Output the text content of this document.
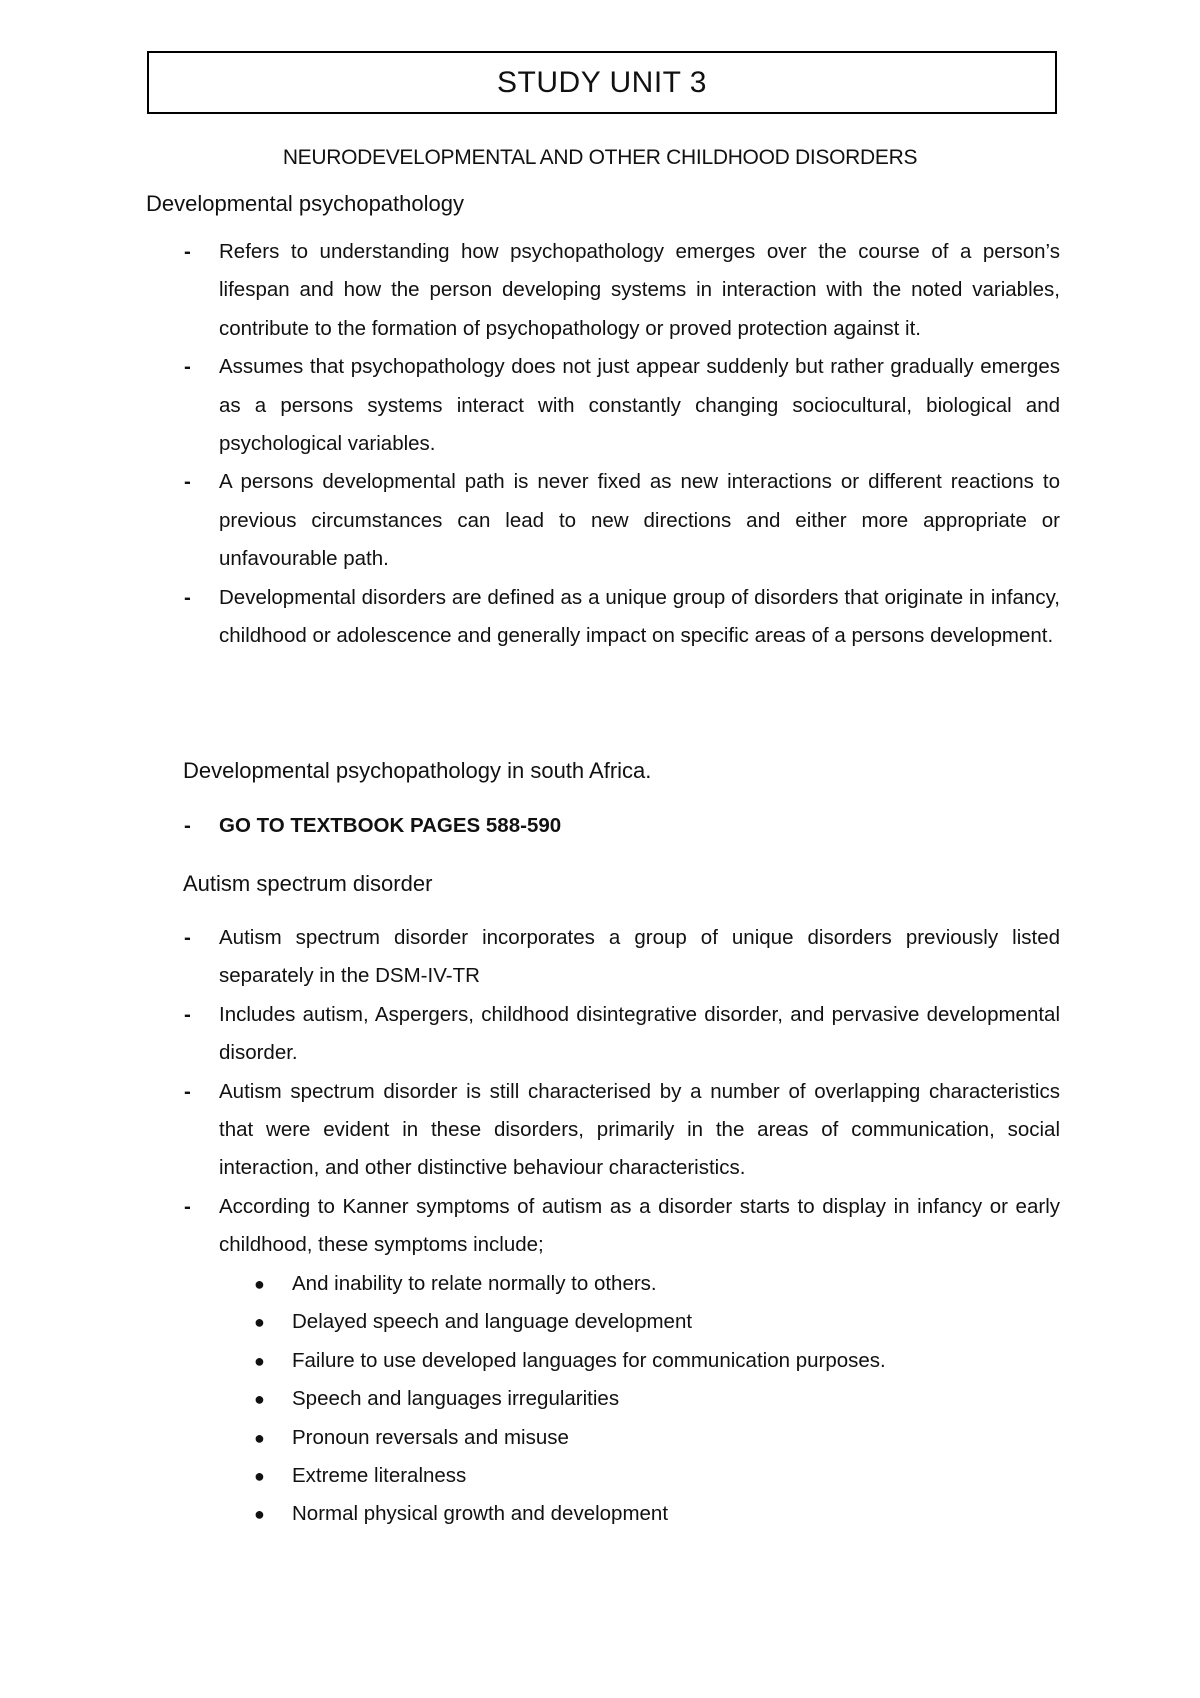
STUDY UNIT 3
NEURODEVELOPMENTAL AND OTHER CHILDHOOD DISORDERS
Developmental psychopathology
- Refers to understanding how psychopathology emerges over the course of a person’s lifespan and how the person developing systems in interaction with the noted variables, contribute to the formation of psychopathology or proved protection against it.
- Assumes that psychopathology does not just appear suddenly but rather gradually emerges as a persons systems interact with constantly changing sociocultural, biological and psychological variables.
- A persons developmental path is never fixed as new interactions or different reactions to previous circumstances can lead to new directions and either more appropriate or unfavourable path.
- Developmental disorders are defined as a unique group of disorders that originate in infancy, childhood or adolescence and generally impact on specific areas of a persons development.
Developmental psychopathology in south Africa.
- GO TO TEXTBOOK PAGES 588-590
Autism spectrum disorder
- Autism spectrum disorder incorporates a group of unique disorders previously listed separately in the DSM-IV-TR
- Includes autism, Aspergers, childhood disintegrative disorder, and pervasive developmental disorder.
- Autism spectrum disorder is still characterised by a number of overlapping characteristics that were evident in these disorders, primarily in the areas of communication, social interaction, and other distinctive behaviour characteristics.
- According to Kanner symptoms of autism as a disorder starts to display in infancy or early childhood, these symptoms include;
● And inability to relate normally to others.
● Delayed speech and language development
● Failure to use developed languages for communication purposes.
● Speech and languages irregularities
● Pronoun reversals and misuse
● Extreme literalness
● Normal physical growth and development
